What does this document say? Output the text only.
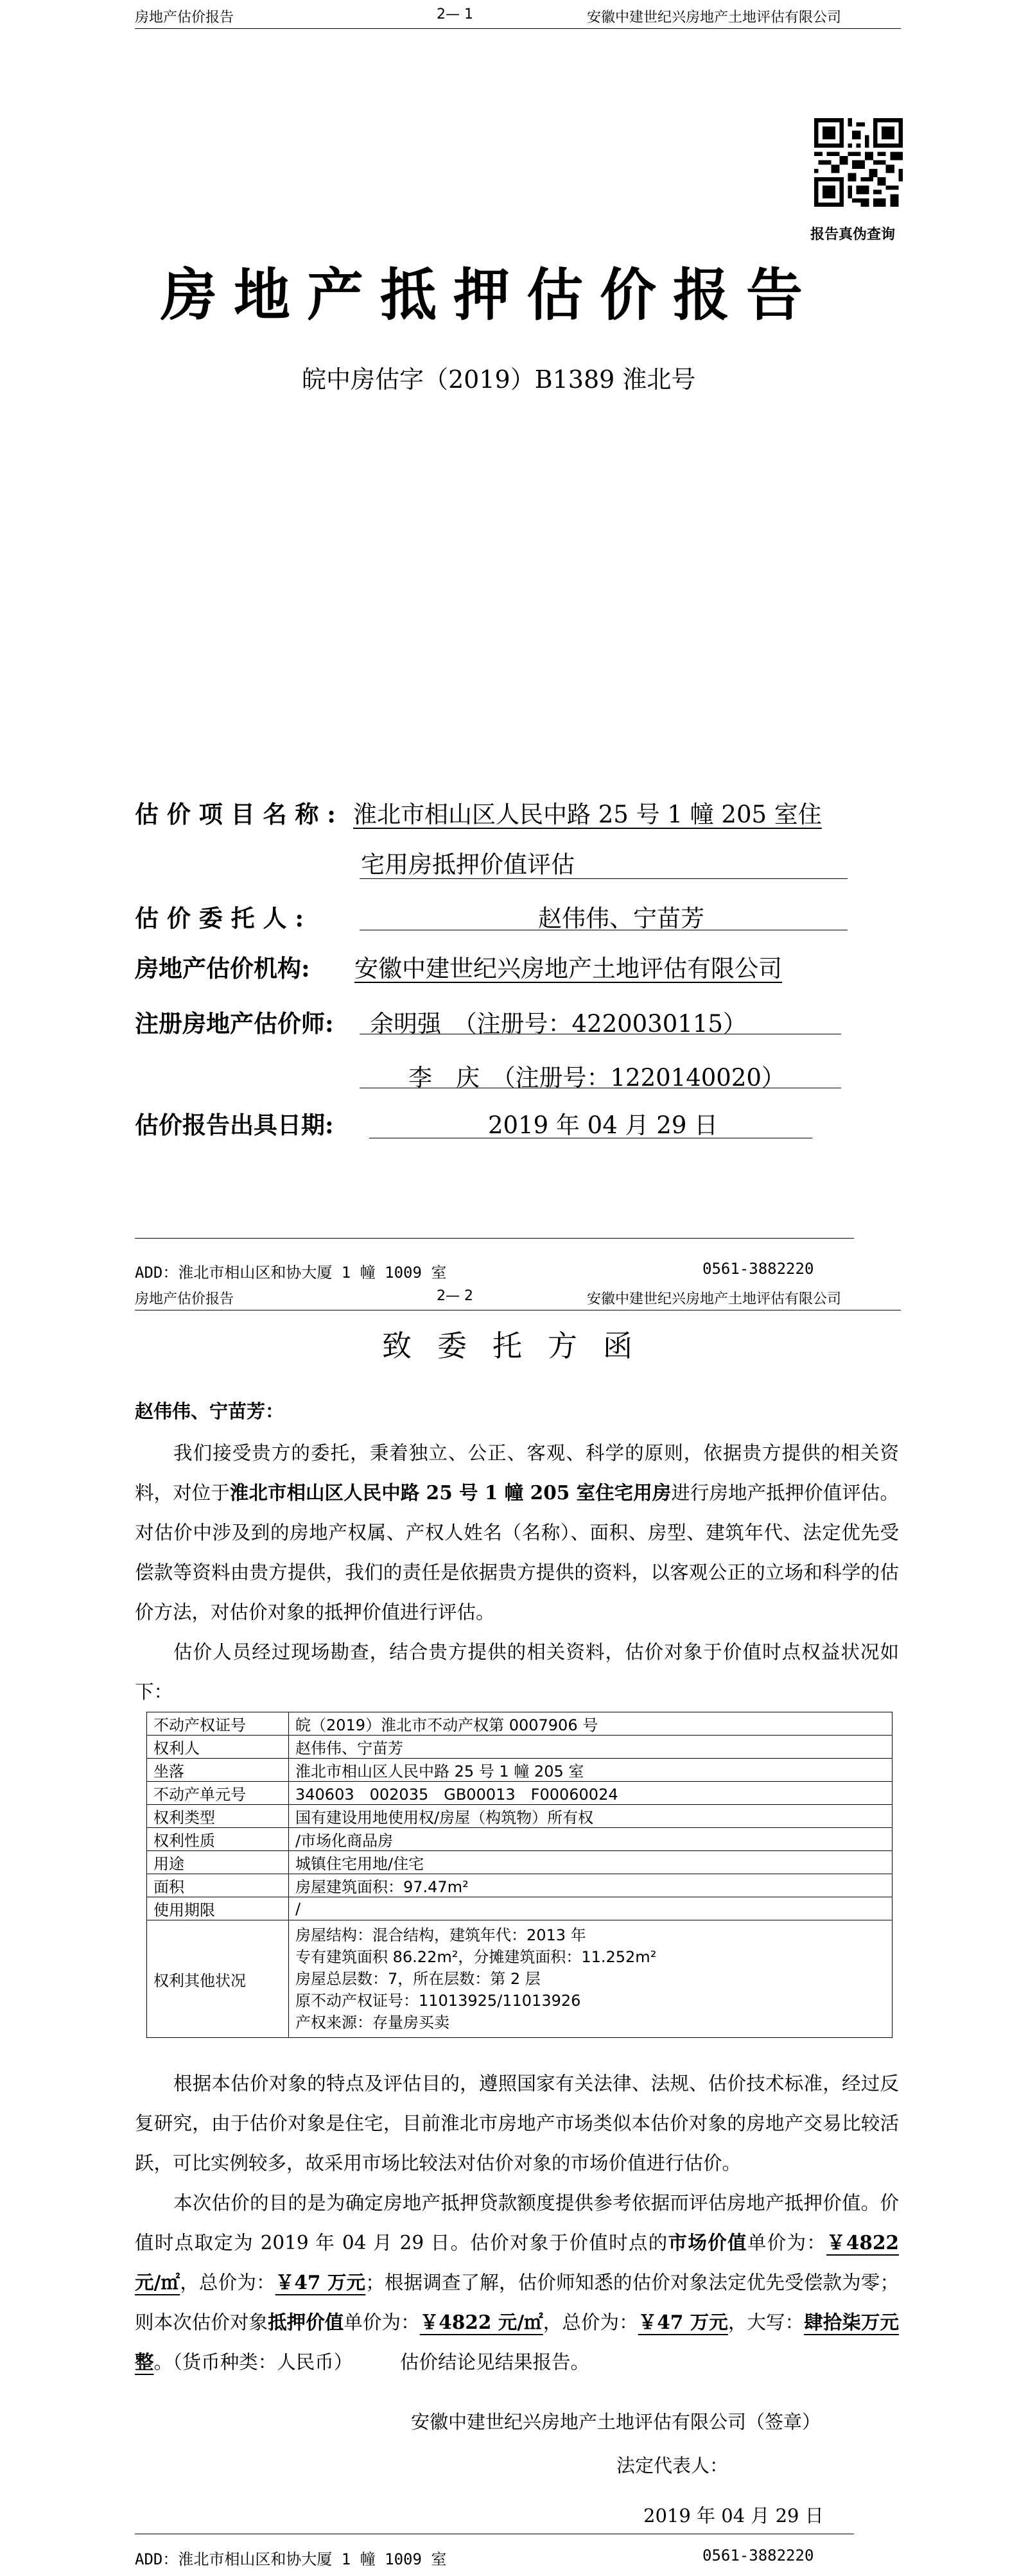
房地产估价报告	2— 1	安徽中建世纪兴房地产土地评估有限公司
报告真伪查询
房地产抵押估价报告
皖中房估字（2019）B1389 淮北号
估 价 项 目 名 称 : 淮北市相山区人民中路 25 号 1 幢 205 室住
宅用房抵押价值评估
估 价 委 托 人 :	赵伟伟、宁苗芳
房地产估价机构: 安徽中建世纪兴房地产土地评估有限公司
注册房地产估价师: 余明强　（注册号：4220030115）
李　庆　（注册号：1220140020）
估价报告出具日期:	2019 年 04 月 29 日
ADD：淮北市相山区和协大厦 1 幢 1009 室	0561-3882220
房地产估价报告	2— 2	安徽中建世纪兴房地产土地评估有限公司
致委托方函
赵伟伟、宁苗芳：
我们接受贵方的委托，秉着独立、公正、客观、科学的原则，依据贵方提供的相关资料，对位于淮北市相山区人民中路 25 号 1 幢 205 室住宅用房进行房地产抵押价值评估。对估价中涉及到的房地产权属、产权人姓名（名称）、面积、房型、建筑年代、法定优先受偿款等资料由贵方提供，我们的责任是依据贵方提供的资料，以客观公正的立场和科学的估价方法，对估价对象的抵押价值进行评估。
估价人员经过现场勘查，结合贵方提供的相关资料，估价对象于价值时点权益状况如下：
不动产权证号	皖（2019）淮北市不动产权第 0007906 号
权利人	赵伟伟、宁苗芳
坐落	淮北市相山区人民中路 25 号 1 幢 205 室
不动产单元号	340603　002035　GB00013　F00060024
权利类型	国有建设用地使用权/房屋（构筑物）所有权
权利性质	/市场化商品房
用途	城镇住宅用地/住宅
面积	房屋建筑面积：97.47m²
使用期限	/
权利其他状况	房屋结构：混合结构，建筑年代：2013 年
专有建筑面积 86.22m²，分摊建筑面积：11.252m²
房屋总层数：7，所在层数：第 2 层
原不动产权证号：11013925/11013926
产权来源：存量房买卖
根据本估价对象的特点及评估目的，遵照国家有关法律、法规、估价技术标准，经过反复研究，由于估价对象是住宅，目前淮北市房地产市场类似本估价对象的房地产交易比较活跃，可比实例较多，故采用市场比较法对估价对象的市场价值进行估价。
本次估价的目的是为确定房地产抵押贷款额度提供参考依据而评估房地产抵押价值。价值时点取定为 2019 年 04 月 29 日。估价对象于价值时点的市场价值单价为：￥4822 元/㎡，总价为：￥47 万元；根据调查了解，估价师知悉的估价对象法定优先受偿款为零；则本次估价对象抵押价值单价为：￥4822 元/㎡，总价为：￥47 万元，大写：肆拾柒万元整。（货币种类：人民币）　　　估价结论见结果报告。
安徽中建世纪兴房地产土地评估有限公司（签章）
法定代表人：
2019 年 04 月 29 日
ADD：淮北市相山区和协大厦 1 幢 1009 室	0561-3882220
